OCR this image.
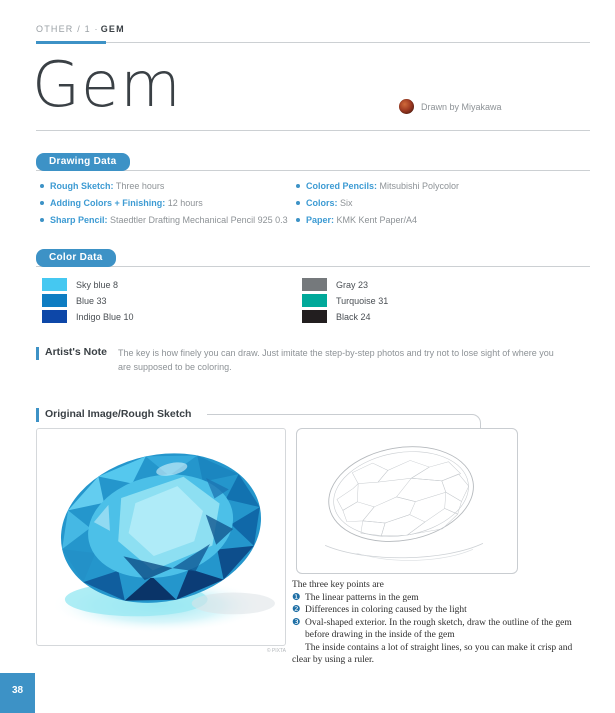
OTHER / 1 · GEM
Gem	Drawn by Miyakawa
Drawing Data
Rough Sketch: Three hours
Adding Colors + Finishing: 12 hours
Sharp Pencil: Staedtler Drafting Mechanical Pencil 925 0.3
Colored Pencils: Mitsubishi Polycolor
Colors: Six
Paper: KMK Kent Paper/A4
Color Data
Sky blue 8
Blue 33
Indigo Blue 10
Gray 23
Turquoise 31
Black 24
Artist's Note The key is how finely you can draw. Just imitate the step-by-step photos and try not to lose sight of where you are supposed to be coloring.
Original Image/Rough Sketch
© PIXTA
The three key points are
❶ The linear patterns in the gem
❷ Differences in coloring caused by the light
❸ Oval-shaped exterior. In the rough sketch, draw the outline of the gem before drawing in the inside of the gem
The inside contains a lot of straight lines, so you can make it crisp and clear by using a ruler.
38
